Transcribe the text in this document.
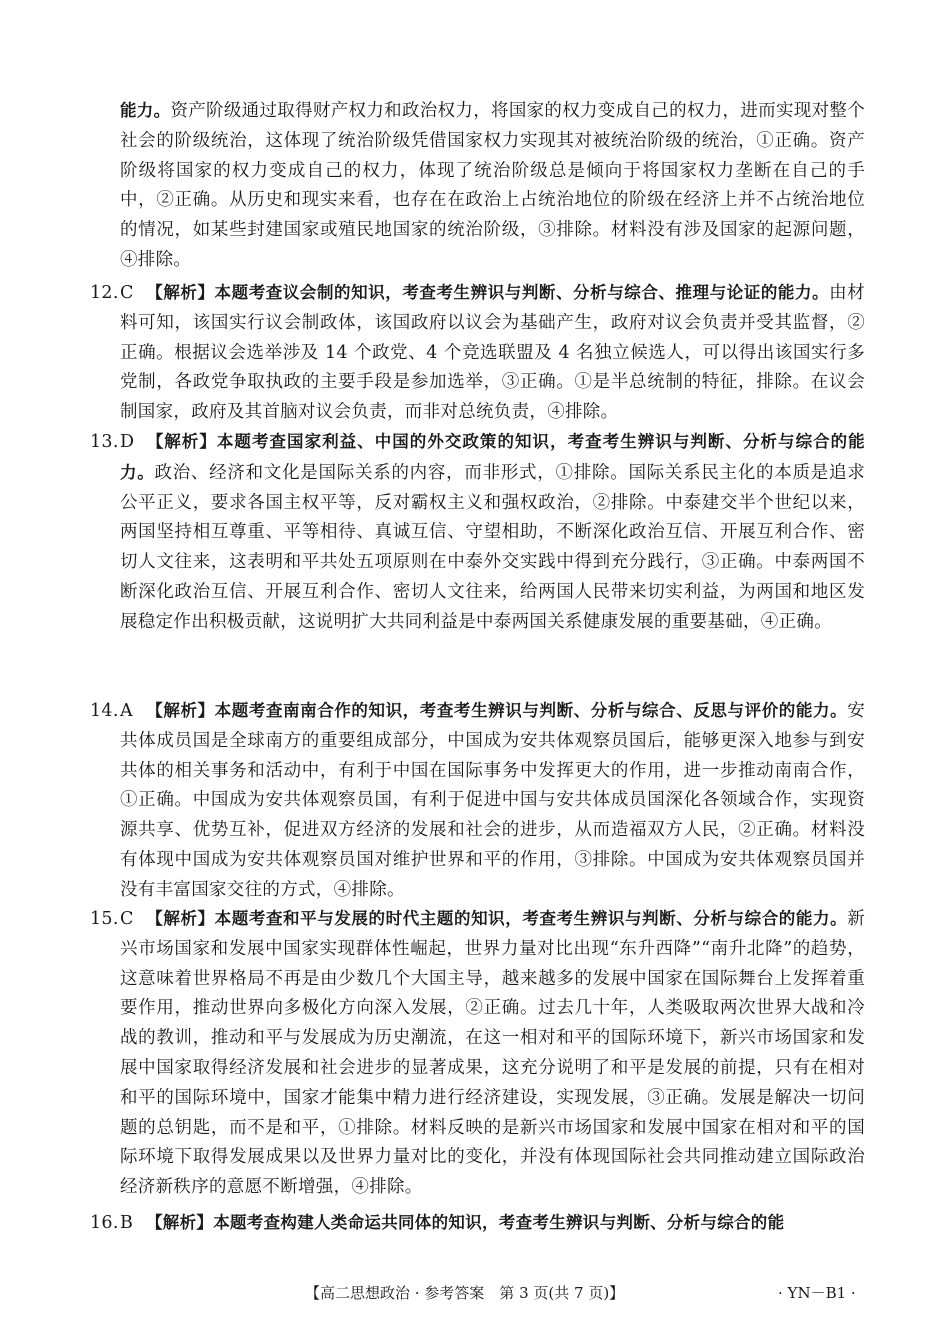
能力。资产阶级通过取得财产权力和政治权力，将国家的权力变成自己的权力，进而实现对整个社会的阶级统治，这体现了统治阶级凭借国家权力实现其对被统治阶级的统治，①正确。资产阶级将国家的权力变成自己的权力，体现了统治阶级总是倾向于将国家权力垄断在自己的手中，②正确。从历史和现实来看，也存在在政治上占统治地位的阶级在经济上并不占统治地位的情况，如某些封建国家或殖民地国家的统治阶级，③排除。材料没有涉及国家的起源问题，④排除。
12.C 【解析】本题考查议会制的知识，考查考生辨识与判断、分析与综合、推理与论证的能力。由材料可知，该国实行议会制政体，该国政府以议会为基础产生，政府对议会负责并受其监督，②正确。根据议会选举涉及 14 个政党、4 个竞选联盟及 4 名独立候选人，可以得出该国实行多党制，各政党争取执政的主要手段是参加选举，③正确。①是半总统制的特征，排除。在议会制国家，政府及其首脑对议会负责，而非对总统负责，④排除。
13.D 【解析】本题考查国家利益、中国的外交政策的知识，考查考生辨识与判断、分析与综合的能力。政治、经济和文化是国际关系的内容，而非形式，①排除。国际关系民主化的本质是追求公平正义，要求各国主权平等，反对霸权主义和强权政治，②排除。中泰建交半个世纪以来，两国坚持相互尊重、平等相待、真诚互信、守望相助，不断深化政治互信、开展互利合作、密切人文往来，这表明和平共处五项原则在中泰外交实践中得到充分践行，③正确。中泰两国不断深化政治互信、开展互利合作、密切人文往来，给两国人民带来切实利益，为两国和地区发展稳定作出积极贡献，这说明扩大共同利益是中泰两国关系健康发展的重要基础，④正确。
14.A 【解析】本题考查南南合作的知识，考查考生辨识与判断、分析与综合、反思与评价的能力。安共体成员国是全球南方的重要组成部分，中国成为安共体观察员国后，能够更深入地参与到安共体的相关事务和活动中，有利于中国在国际事务中发挥更大的作用，进一步推动南南合作，①正确。中国成为安共体观察员国，有利于促进中国与安共体成员国深化各领域合作，实现资源共享、优势互补，促进双方经济的发展和社会的进步，从而造福双方人民，②正确。材料没有体现中国成为安共体观察员国对维护世界和平的作用，③排除。中国成为安共体观察员国并没有丰富国家交往的方式，④排除。
15.C 【解析】本题考查和平与发展的时代主题的知识，考查考生辨识与判断、分析与综合的能力。新兴市场国家和发展中国家实现群体性崛起，世界力量对比出现“东升西降”“南升北降”的趋势，这意味着世界格局不再是由少数几个大国主导，越来越多的发展中国家在国际舞台上发挥着重要作用，推动世界向多极化方向深入发展，②正确。过去几十年，人类吸取两次世界大战和冷战的教训，推动和平与发展成为历史潮流，在这一相对和平的国际环境下，新兴市场国家和发展中国家取得经济发展和社会进步的显著成果，这充分说明了和平是发展的前提，只有在相对和平的国际环境中，国家才能集中精力进行经济建设，实现发展，③正确。发展是解决一切问题的总钥匙，而不是和平，①排除。材料反映的是新兴市场国家和发展中国家在相对和平的国际环境下取得发展成果以及世界力量对比的变化，并没有体现国际社会共同推动建立国际政治经济新秩序的意愿不断增强，④排除。
16.B 【解析】本题考查构建人类命运共同体的知识，考查考生辨识与判断、分析与综合的能
【高二思想政治 · 参考答案　第 3 页(共 7 页)】	· YN－B1 ·
